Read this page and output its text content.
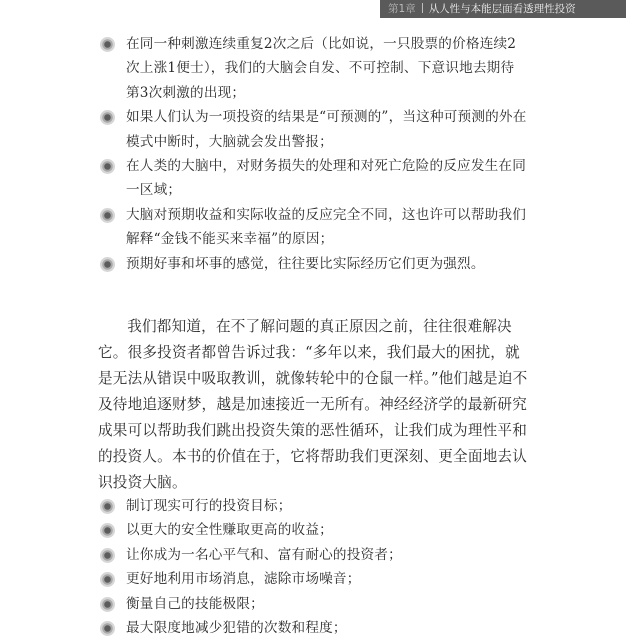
第1章 从人性与本能层面看透理性投资
在同一种刺激连续重复2次之后（比如说，一只股票的价格连续2次上涨1便士），我们的大脑会自发、不可控制、下意识地去期待第3次刺激的出现；
如果人们认为一项投资的结果是“可预测的”，当这种可预测的外在模式中断时，大脑就会发出警报；
在人类的大脑中，对财务损失的处理和对死亡危险的反应发生在同一区域；
大脑对预期收益和实际收益的反应完全不同，这也许可以帮助我们解释“金钱不能买来幸福”的原因；
预期好事和坏事的感觉，往往要比实际经历它们更为强烈。

我们都知道，在不了解问题的真正原因之前，往往很难解决它。很多投资者都曾告诉过我：“多年以来，我们最大的困扰，就是无法从错误中吸取教训，就像转轮中的仓鼠一样。”他们越是迫不及待地追逐财梦，越是加速接近一无所有。神经经济学的最新研究成果可以帮助我们跳出投资失策的恶性循环，让我们成为理性平和的投资人。本书的价值在于，它将帮助我们更深刻、更全面地去认识投资大脑。

制订现实可行的投资目标；
以更大的安全性赚取更高的收益；
让你成为一名心平气和、富有耐心的投资者；
更好地利用市场消息，滤除市场噪音；
衡量自己的技能极限；
最大限度地减少犯错的次数和程度；
